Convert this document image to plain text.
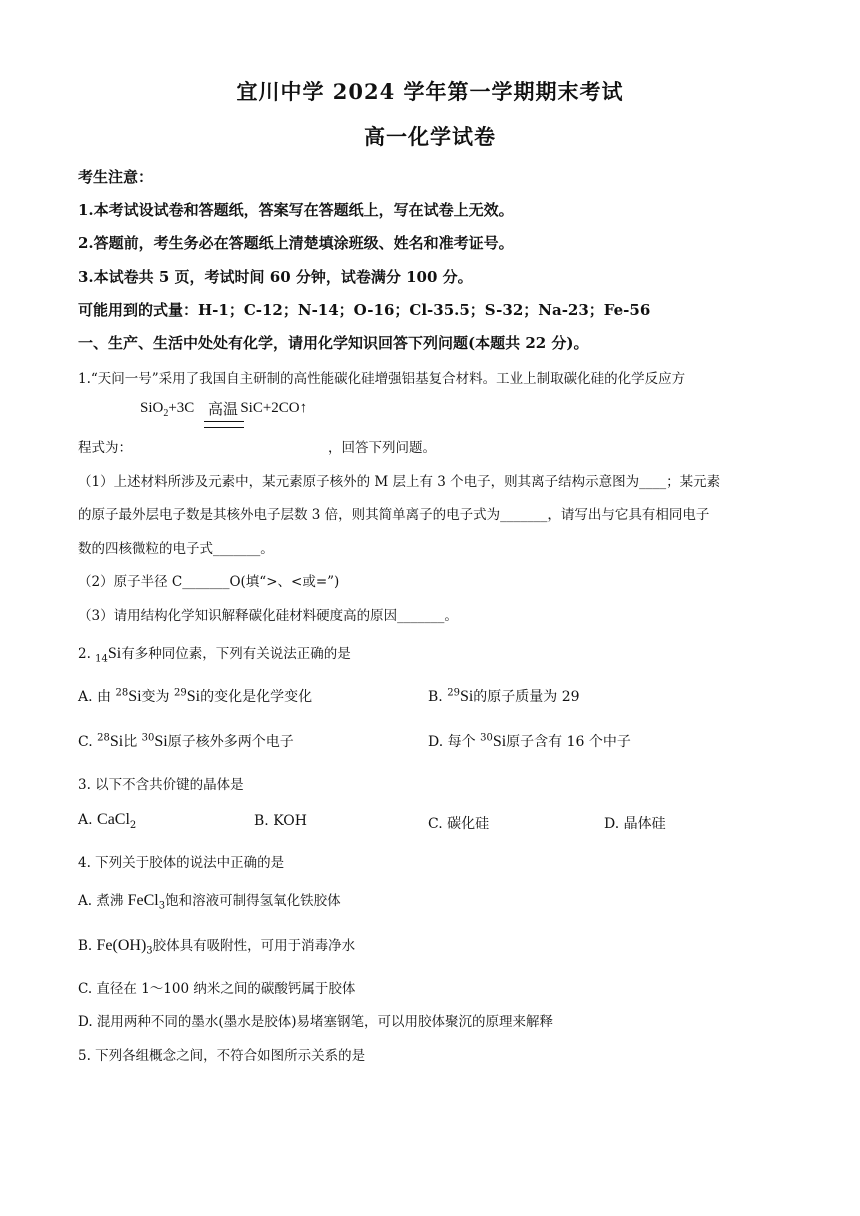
宜川中学 2024 学年第一学期期末考试
高一化学试卷
考生注意：
1.本考试设试卷和答题纸，答案写在答题纸上，写在试卷上无效。
2.答题前，考生务必在答题纸上清楚填涂班级、姓名和准考证号。
3.本试卷共 5 页，考试时间 60 分钟，试卷满分 100 分。
可能用到的式量：H-1；C-12；N-14；O-16；Cl-35.5；S-32；Na-23；Fe-56
一、生产、生活中处处有化学，请用化学知识回答下列问题(本题共 22 分)。
1.“天问一号”采用了我国自主研制的高性能碳化硅增强铝基复合材料。工业上制取碳化硅的化学反应方
SiO$_2$+3C	SiC+2CO↑
高温
程式为：	，回答下列问题。
（1）上述材料所涉及元素中，某元素原子核外的 M 层上有 3 个电子，则其离子结构示意图为____；某元素
的原子最外层电子数是其核外电子层数 3 倍，则其简单离子的电子式为_______，请写出与它具有相同电子
数的四核微粒的电子式_______。
（2）原子半径 C_______O(填“>、<或=”)
（3）请用结构化学知识解释碳化硅材料硬度高的原因_______。
2. $_{14}$Si有多种同位素，下列有关说法正确的是
A. 由 $^{28}$Si变为 $^{29}$Si的变化是化学变化	B. $^{29}$Si的原子质量为 29
C. $^{28}$Si比 $^{30}$Si原子核外多两个电子	D. 每个 $^{30}$Si原子含有 16 个中子
3. 以下不含共价键的晶体是
A. CaCl$_2$	B. KOH	C. 碳化硅	D. 晶体硅
4. 下列关于胶体的说法中正确的是
A. 煮沸 FeCl$_3$饱和溶液可制得氢氧化铁胶体
B. $Fe(OH)_3$胶体具有吸附性，可用于消毒净水
C. 直径在 1～100 纳米之间的碳酸钙属于胶体
D. 混用两种不同的墨水(墨水是胶体)易堵塞钢笔，可以用胶体聚沉的原理来解释
5. 下列各组概念之间，不符合如图所示关系的是
